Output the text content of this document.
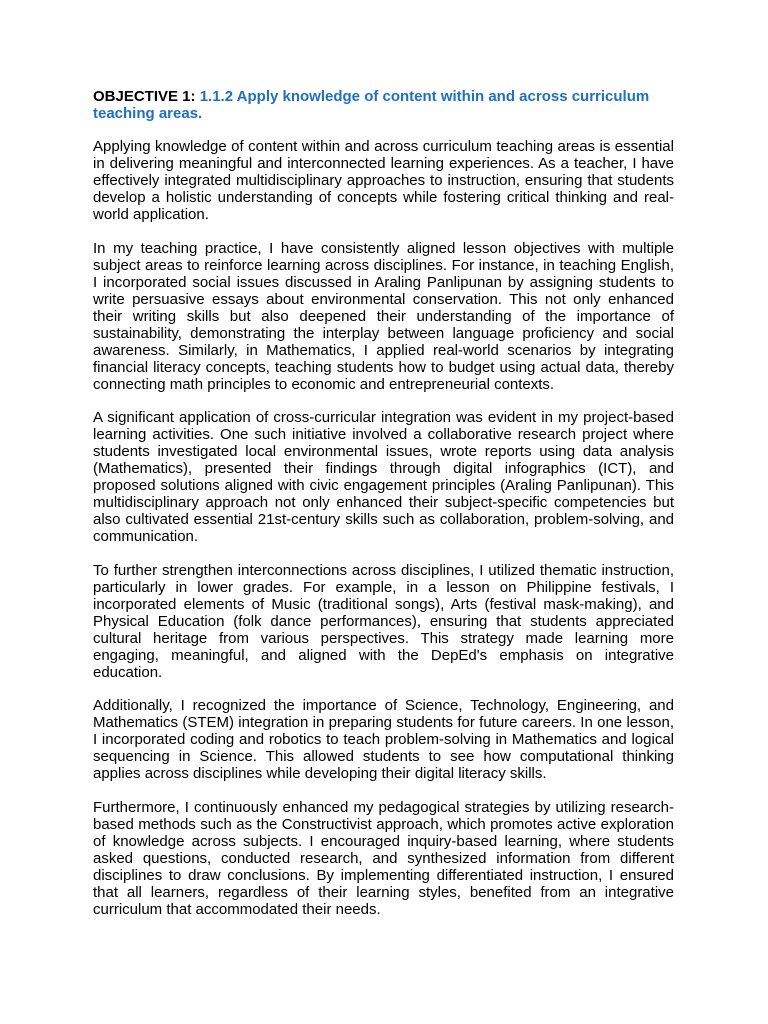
OBJECTIVE 1: 1.1.2 Apply knowledge of content within and across curriculum teaching areas.

Applying knowledge of content within and across curriculum teaching areas is essential in delivering meaningful and interconnected learning experiences. As a teacher, I have effectively integrated multidisciplinary approaches to instruction, ensuring that students develop a holistic understanding of concepts while fostering critical thinking and real-world application.

In my teaching practice, I have consistently aligned lesson objectives with multiple subject areas to reinforce learning across disciplines. For instance, in teaching English, I incorporated social issues discussed in Araling Panlipunan by assigning students to write persuasive essays about environmental conservation. This not only enhanced their writing skills but also deepened their understanding of the importance of sustainability, demonstrating the interplay between language proficiency and social awareness. Similarly, in Mathematics, I applied real-world scenarios by integrating financial literacy concepts, teaching students how to budget using actual data, thereby connecting math principles to economic and entrepreneurial contexts.

A significant application of cross-curricular integration was evident in my project-based learning activities. One such initiative involved a collaborative research project where students investigated local environmental issues, wrote reports using data analysis (Mathematics), presented their findings through digital infographics (ICT), and proposed solutions aligned with civic engagement principles (Araling Panlipunan). This multidisciplinary approach not only enhanced their subject-specific competencies but also cultivated essential 21st-century skills such as collaboration, problem-solving, and communication.

To further strengthen interconnections across disciplines, I utilized thematic instruction, particularly in lower grades. For example, in a lesson on Philippine festivals, I incorporated elements of Music (traditional songs), Arts (festival mask-making), and Physical Education (folk dance performances), ensuring that students appreciated cultural heritage from various perspectives. This strategy made learning more engaging, meaningful, and aligned with the DepEd's emphasis on integrative education.

Additionally, I recognized the importance of Science, Technology, Engineering, and Mathematics (STEM) integration in preparing students for future careers. In one lesson, I incorporated coding and robotics to teach problem-solving in Mathematics and logical sequencing in Science. This allowed students to see how computational thinking applies across disciplines while developing their digital literacy skills.

Furthermore, I continuously enhanced my pedagogical strategies by utilizing research-based methods such as the Constructivist approach, which promotes active exploration of knowledge across subjects. I encouraged inquiry-based learning, where students asked questions, conducted research, and synthesized information from different disciplines to draw conclusions. By implementing differentiated instruction, I ensured that all learners, regardless of their learning styles, benefited from an integrative curriculum that accommodated their needs.
